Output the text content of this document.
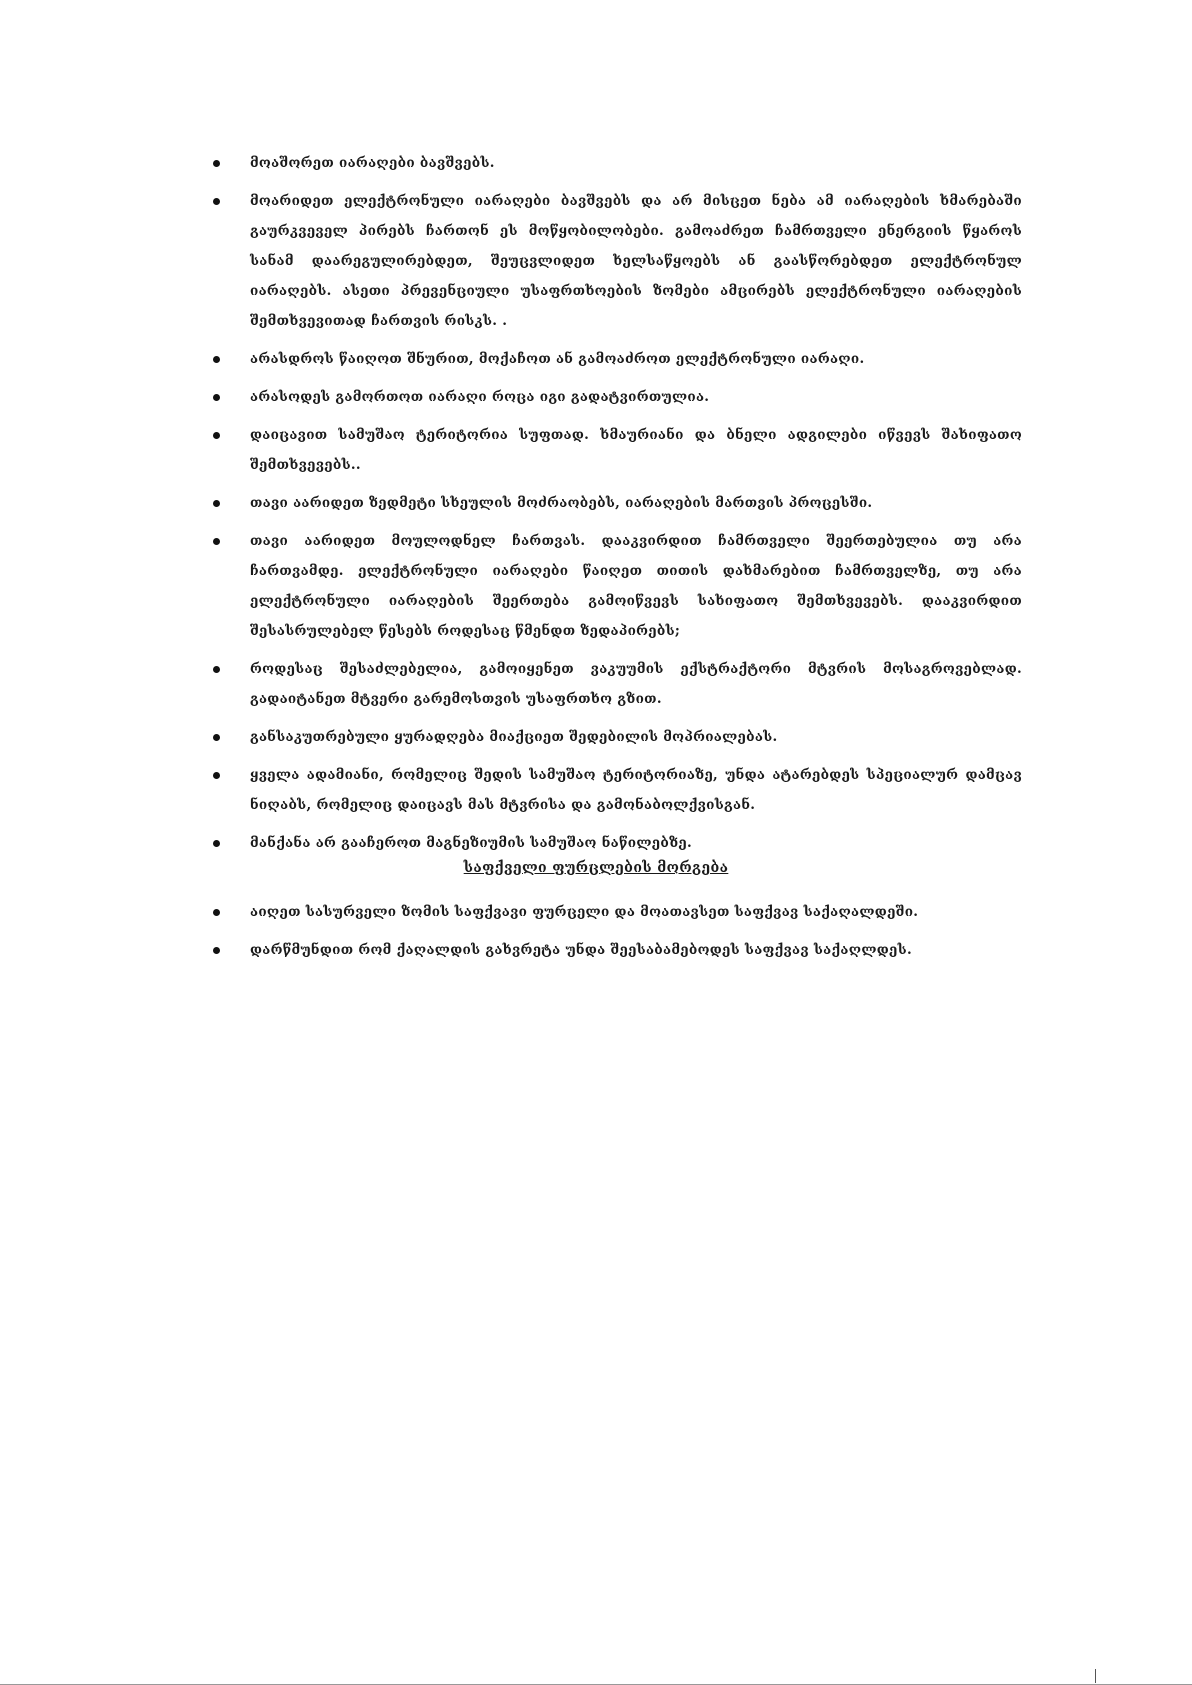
მოაშორეთ იარაღები ბავშვებს.
მოარიდეთ ელექტრონული იარაღები ბავშვებს და არ მისცეთ ნება ამ იარაღების ხმარებაში გაურკვეველ პირებს ჩართონ ეს მოწყობილობები. გამოაძრეთ ჩამრთველი ენერგიის წყაროს სანამ დაარეგულირებდეთ, შეუცვლიდეთ ხელსაწყოებს ან გაასწორებდეთ ელექტრონულ იარაღებს. ასეთი პრევენციული უსაფრთხოების ზომები ამცირებს ელექტრონული იარაღების შემთხვევითად ჩართვის რისკს. .
არასდროს წაიღოთ შნურით, მოქაჩოთ ან გამოაძროთ ელექტრონული იარაღი.
არასოდეს გამორთოთ იარაღი როცა იგი გადატვირთულია.
დაიცავით სამუშაო ტერიტორია სუფთად. ხმაურიანი და ბნელი ადგილები იწვევს შახიფათო შემთხვევებს..
თავი აარიდეთ ზედმეტი სხეულის მოძრაობებს, იარაღების მართვის პროცესში.
თავი აარიდეთ მოულოდნელ ჩართვას. დააკვირდით ჩამრთველი შეერთებულია თუ არა ჩართვამდე. ელექტრონული იარაღები წაიღეთ თითის დახმარებით ჩამრთველზე, თუ არა ელექტრონული იარაღების შეერთება გამოიწვევს სახიფათო შემთხვევებს. დააკვირდით შესასრულებელ წესებს როდესაც წმენდთ ზედაპირებს;
როდესაც შესაძლებელია, გამოიყენეთ ვაკუუმის ექსტრაქტორი მტვრის მოსაგროვებლად. გადაიტანეთ მტვერი გარემოსთვის უსაფრთხო გზით.
განსაკუთრებული ყურადღება მიაქციეთ შედებილის მოპრიალებას.
ყველა ადამიანი, რომელიც შედის სამუშაო ტერიტორიაზე, უნდა ატარებდეს სპეციალურ დამცავ ნიღაბს, რომელიც დაიცავს მას მტვრისა და გამონაბოლქვისგან.
მანქანა არ გააჩეროთ მაგნეზიუმის სამუშაო ნაწილებზე.
საფქველი ფურცლების მორგება
აიღეთ სასურველი ზომის საფქვავი ფურცელი და მოათავსეთ საფქვავ საქაღალდეში.
დარწმუნდით რომ ქაღალდის გახვრეტა უნდა შეესაბამებოდეს საფქვავ საქაღლდეს.
